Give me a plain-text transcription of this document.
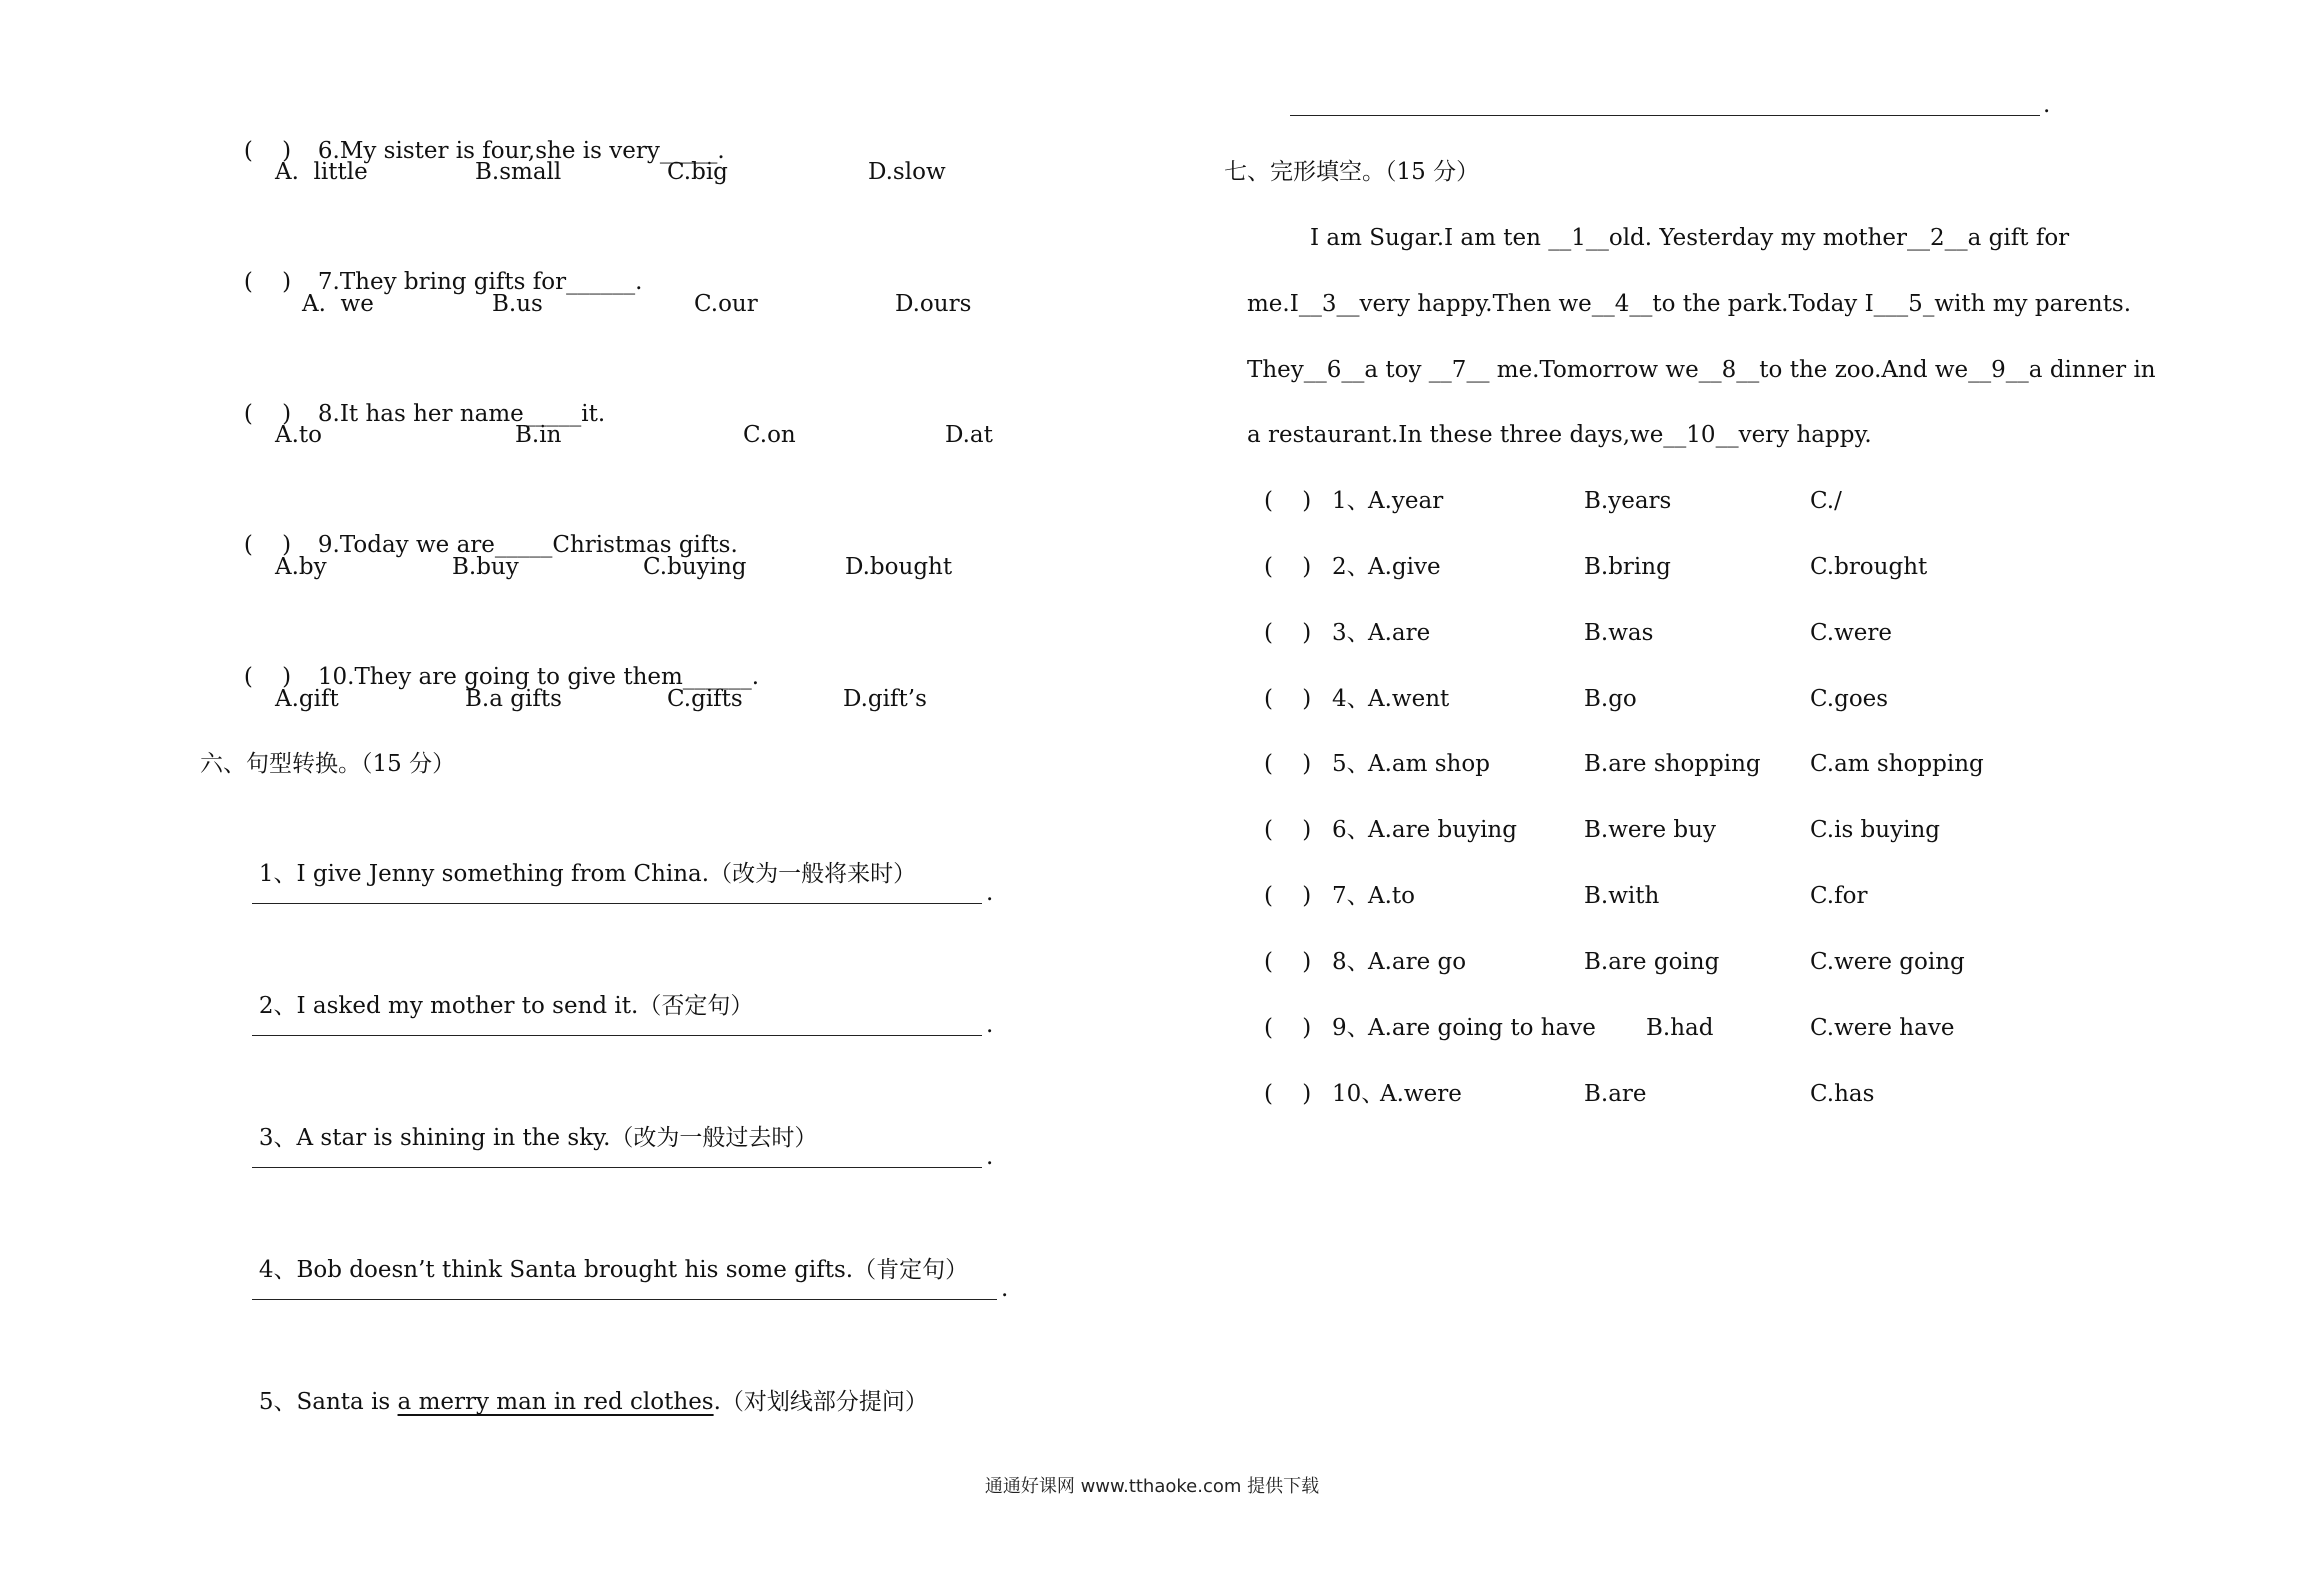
(    ) 6.My sister is four,she is very_____.

A.  little	B.small	C.big	D.slow

(    ) 7.They bring gifts for______.

A.  we	B.us	C.our	D.ours

(    ) 8.It has her name_____it.

A.to	B.in	C.on	D.at

(    ) 9.Today we are_____Christmas gifts.

A.by	B.buy	C.buying	D.bought

(    ) 10.They are going to give them______.

A.gift	B.a gifts	C.gifts	D.gift’s
六、句型转换。（15 分）

1、I give Jenny something from China.（改为一般将来时）

.

2、I asked my mother to send it.（否定句）

.

3、A star is shining in the sky.（改为一般过去时）

.

4、Bob doesn’t think Santa brought his some gifts.（肯定句）

.

5、Santa is a merry man in red clothes.（对划线部分提问）

.
七、完形填空。（15 分）
I am Sugar.I am ten __1__old. Yesterday my mother__2__a gift for
me.I__3__very happy.Then we__4__to the park.Today I___5_with my parents.
They__6__a toy __7__ me.Tomorrow we__8__to the zoo.And we__9__a dinner in
a restaurant.In these three days,we__10__very happy.
(    ) 1、
A.year	B.years	C./
(    ) 2、
A.give	B.bring	C.brought
(    ) 3、
A.are	B.was	C.were
(    ) 4、
A.went	B.go	C.goes
(    ) 5、
A.am shop	B.are shopping C.am shopping
(    ) 6、
A.are buying	B.were buy	C.is buying
(    ) 7、
A.to	B.with	C.for
(    ) 8、
A.are go	B.are going	C.were going
(    ) 9、
A.are going to have B.had	C.were have
(    ) 10、
A.were	B.are	C.has
通通好课网 www.tthaoke.com 提供下载
